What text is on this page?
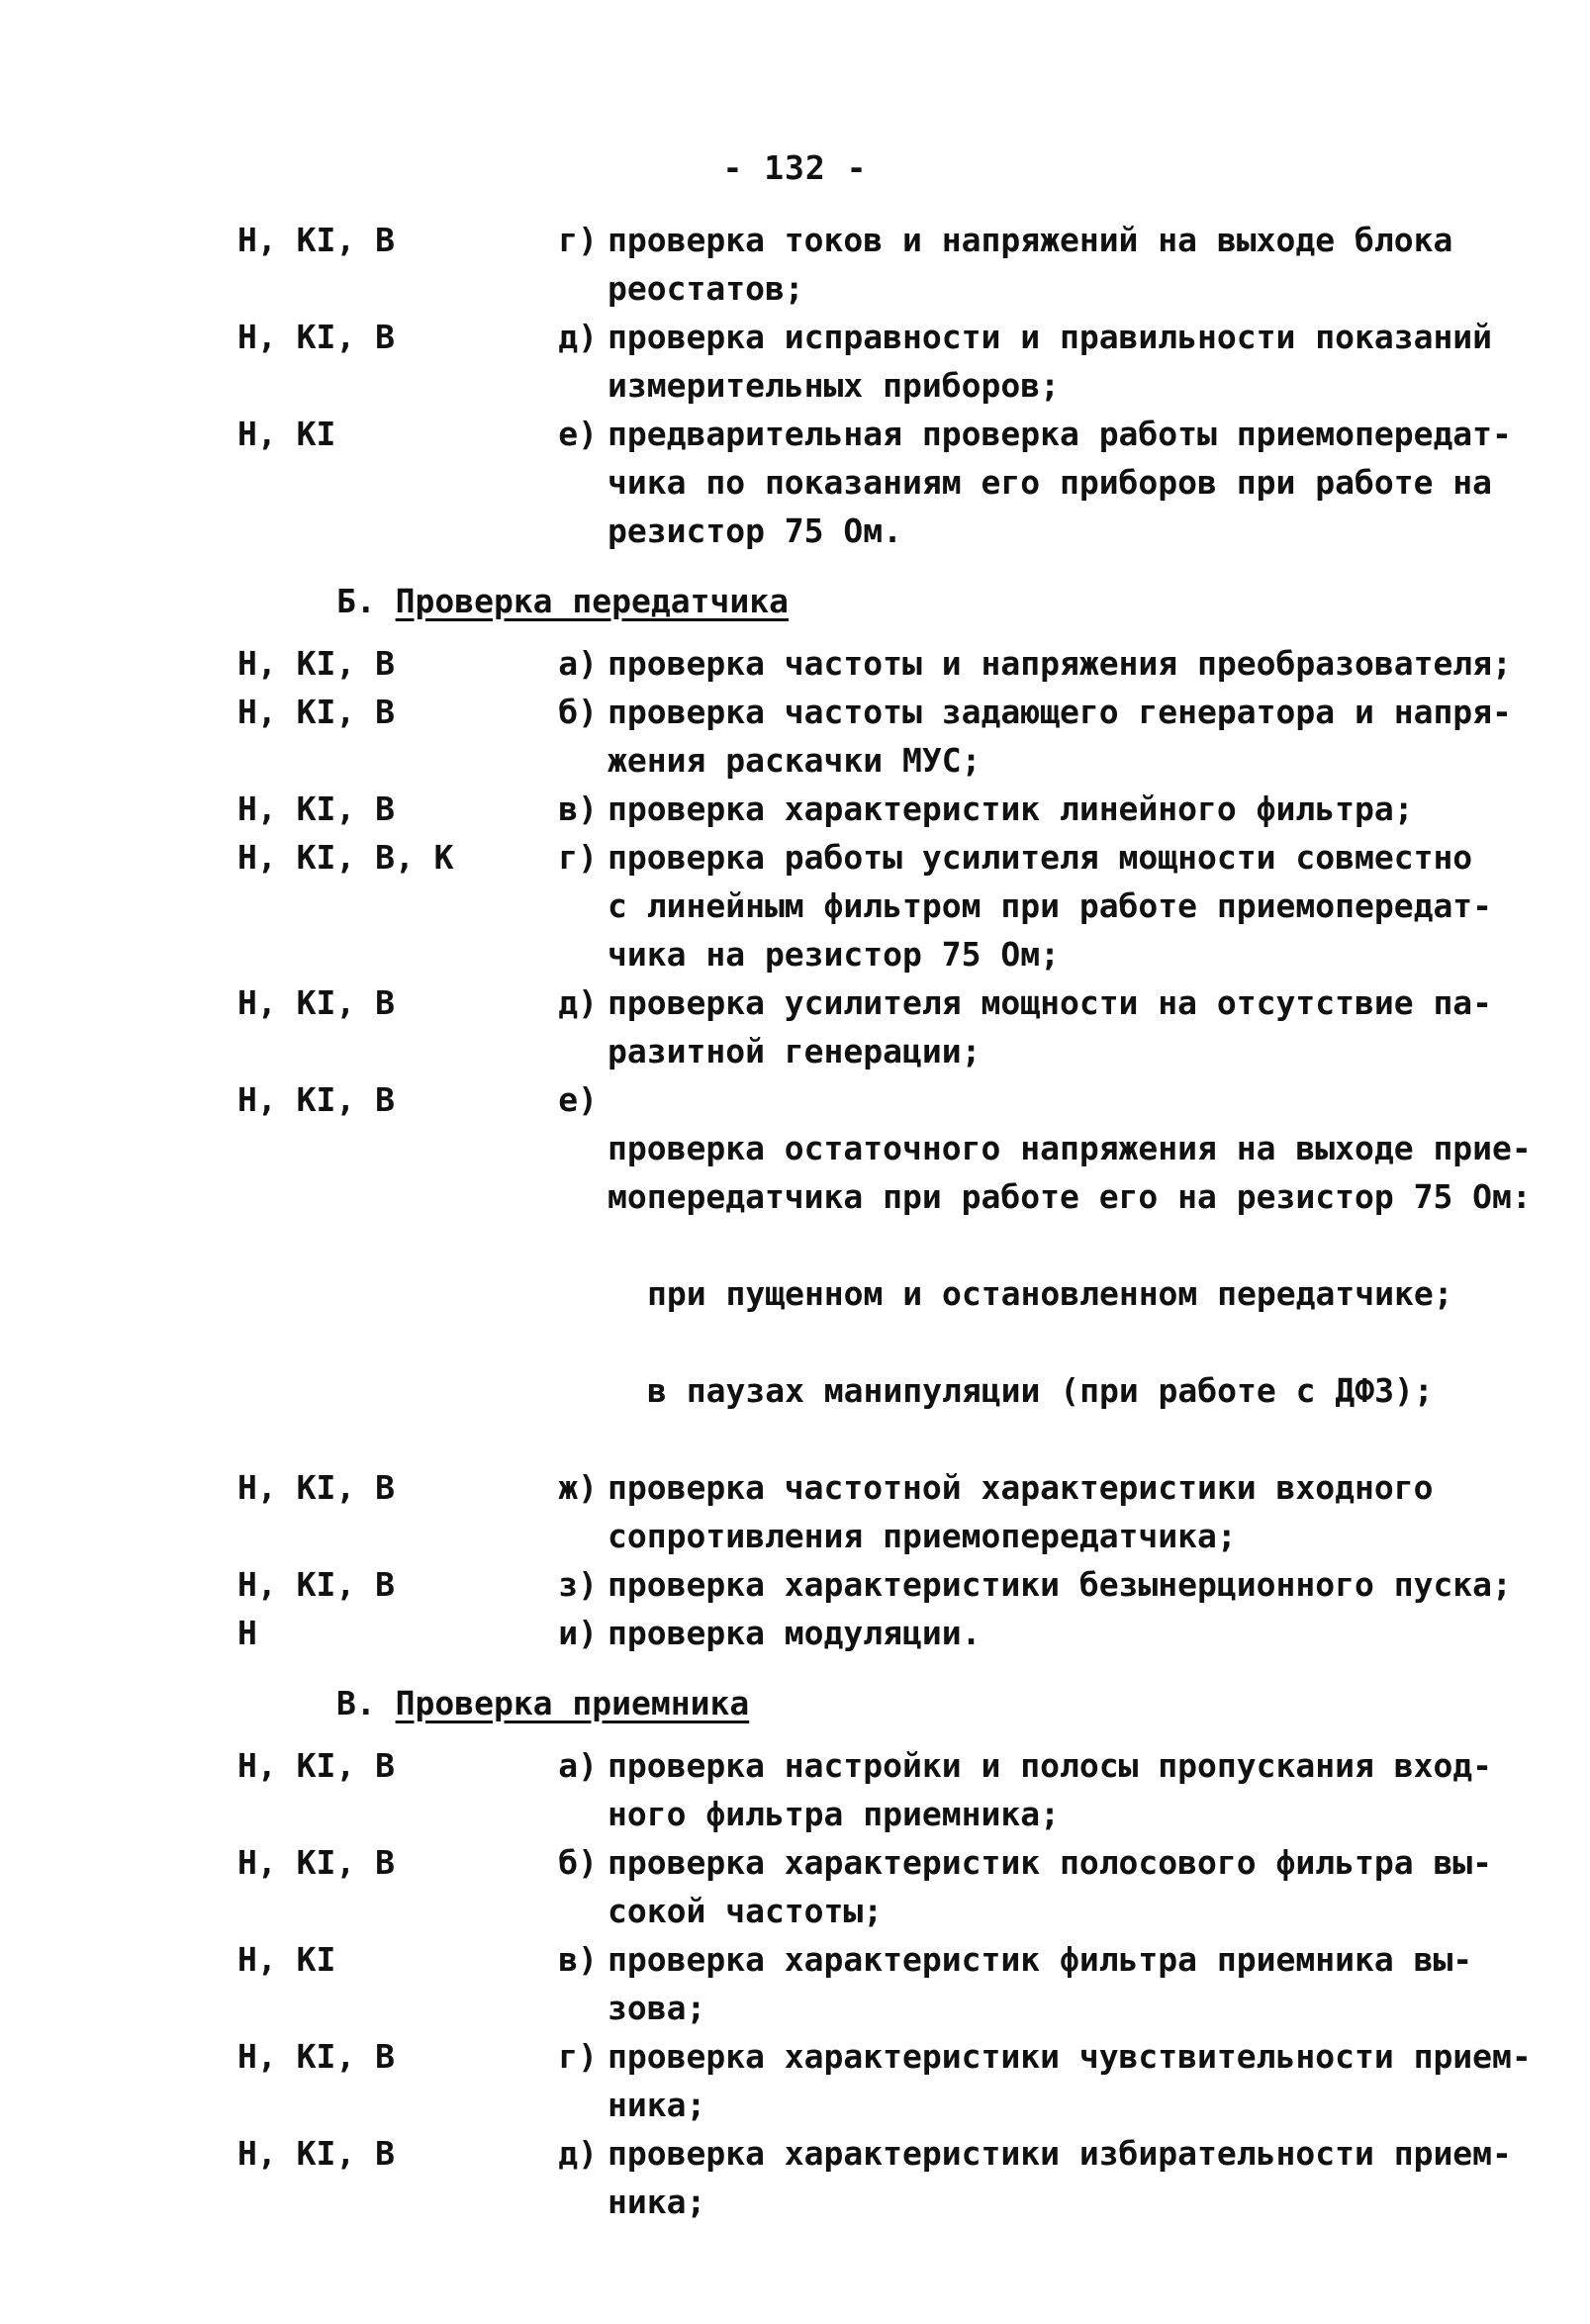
- 132 -
Н, КI, В	г) проверка токов и напряжений на выходе блока
реостатов;
Н, КI, В	д) проверка исправности и правильности показаний
измерительных приборов;
Н, КI	е) предварительная проверка работы приемопередат-
чика по показаниям его приборов при работе на
резистор 75 Ом.
Б. Проверка передатчика
Н, КI, В	а) проверка частоты и напряжения преобразователя;
Н, КI, В	б) проверка частоты задающего генератора и напря-
жения раскачки МУС;
Н, КI, В	в) проверка характеристик линейного фильтра;
Н, КI, В, К	г) проверка работы усилителя мощности совместно
с линейным фильтром при работе приемопередат-
чика на резистор 75 Ом;
Н, КI, В	д) проверка усилителя мощности на отсутствие па-
разитной генерации;
Н, КI, В	е)

проверка остаточного напряжения на выходе прие-
мопередатчика при работе его на резистор 75 Ом:

при пущенном и остановленном передатчике;

в паузах манипуляции (при работе с ДФЗ);

Н, КI, В	ж) проверка частотной характеристики входного
сопротивления приемопередатчика;
Н, КI, В	з) проверка характеристики безынерционного пуска;
Н	и) проверка модуляции.
В. Проверка приемника
Н, КI, В	а) проверка настройки и полосы пропускания вход-
ного фильтра приемника;
Н, КI, В	б) проверка характеристик полосового фильтра вы-
сокой частоты;
Н, КI	в) проверка характеристик фильтра приемника вы-
зова;
Н, КI, В	г) проверка характеристики чувствительности прием-
ника;
Н, КI, В	д) проверка характеристики избирательности прием-
ника;
